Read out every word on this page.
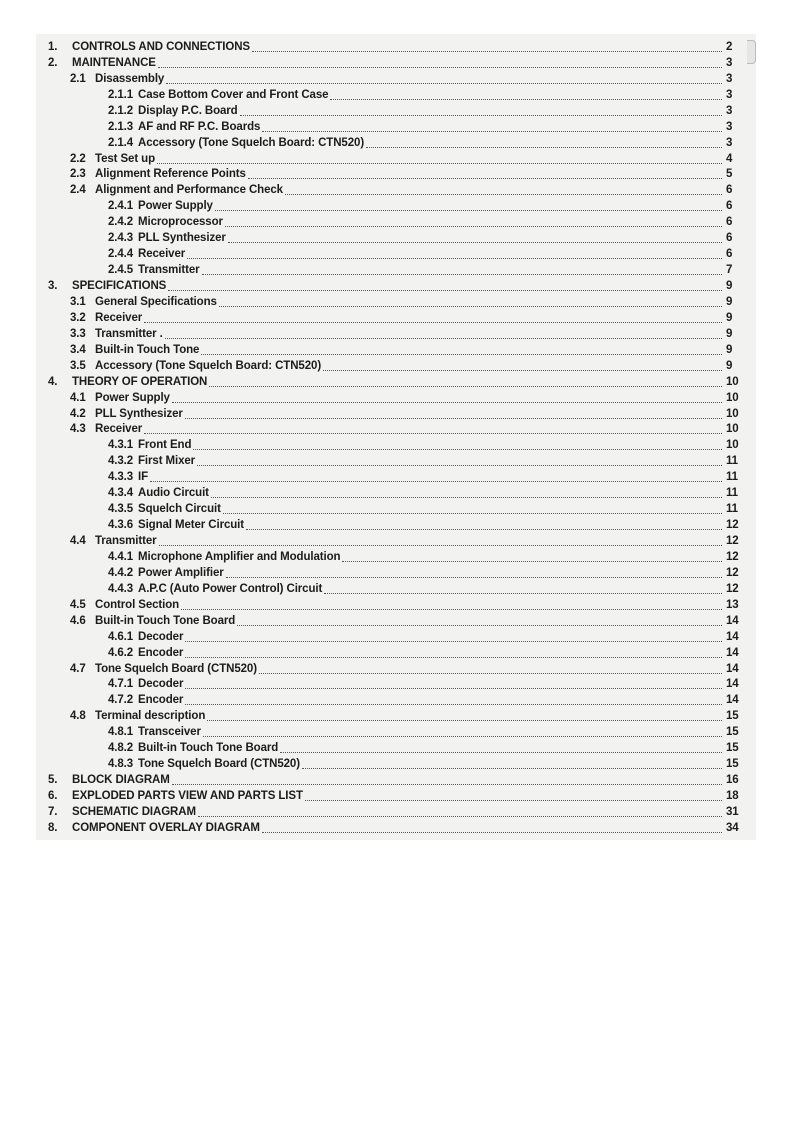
1.	CONTROLS AND CONNECTIONS	2
2.	MAINTENANCE	3
2.1 Disassembly	3
2.1.1 Case Bottom Cover and Front Case	3
2.1.2 Display P.C. Board	3
2.1.3 AF and RF P.C. Boards	3
2.1.4 Accessory (Tone Squelch Board: CTN520)	3
2.2 Test Set up	4
2.3 Alignment Reference Points	5
2.4 Alignment and Performance Check	6
2.4.1 Power Supply	6
2.4.2 Microprocessor	6
2.4.3 PLL Synthesizer	6
2.4.4 Receiver	6
2.4.5 Transmitter	7
3.	SPECIFICATIONS	9
3.1 General Specifications	9
3.2 Receiver	9
3.3 Transmitter .	9
3.4 Built-in Touch Tone	9
3.5 Accessory (Tone Squelch Board: CTN520)	9
4.	THEORY OF OPERATION	10
4.1 Power Supply	10
4.2 PLL Synthesizer	10
4.3 Receiver	10
4.3.1 Front End	10
4.3.2 First Mixer	11
4.3.3 IF	11
4.3.4 Audio Circuit	11
4.3.5 Squelch Circuit	11
4.3.6 Signal Meter Circuit	12
4.4 Transmitter	12
4.4.1 Microphone Amplifier and Modulation	12
4.4.2 Power Amplifier	12
4.4.3 A.P.C (Auto Power Control) Circuit	12
4.5 Control Section	13
4.6 Built-in Touch Tone Board	14
4.6.1 Decoder	14
4.6.2 Encoder	14
4.7 Tone Squelch Board (CTN520)	14
4.7.1 Decoder	14
4.7.2 Encoder	14
4.8 Terminal description	15
4.8.1 Transceiver	15
4.8.2 Built-in Touch Tone Board	15
4.8.3 Tone Squelch Board (CTN520)	15
5.	BLOCK DIAGRAM	16
6.	EXPLODED PARTS VIEW AND PARTS LIST	18
7.	SCHEMATIC DIAGRAM	31
8.	COMPONENT OVERLAY DIAGRAM	34
